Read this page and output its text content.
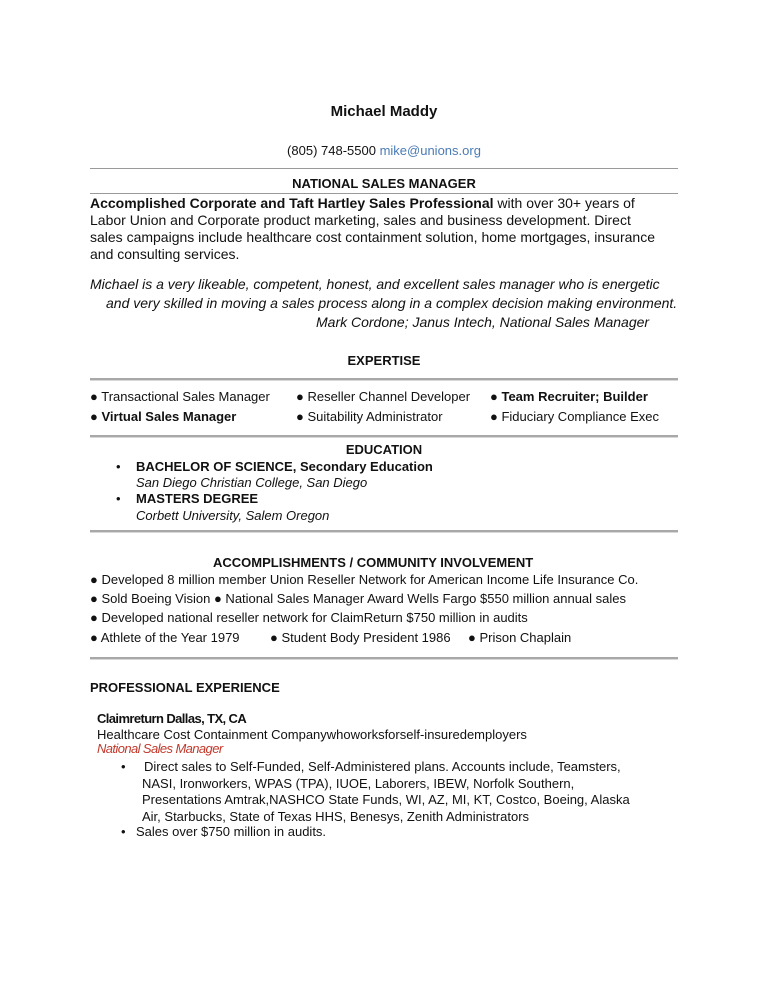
Michael Maddy
(805) 748-5500 mike@unions.org
NATIONAL SALES MANAGER
Accomplished Corporate and Taft Hartley Sales Professional with over 30+ years of
Labor Union and Corporate product marketing, sales and business development. Direct
sales campaigns include healthcare cost containment solution, home mortgages, insurance
and consulting services.
Michael is a very likeable, competent, honest, and excellent sales manager who is energetic
and very skilled in moving a sales process along in a complex decision making environment.
Mark Cordone; Janus Intech, National Sales Manager
EXPERTISE
● Transactional Sales Manager ● Reseller Channel Developer ● Team Recruiter; Builder
● Virtual Sales Manager	● Suitability Administrator	● Fiduciary Compliance Exec
EDUCATION
• BACHELOR OF SCIENCE, Secondary Education
San Diego Christian College, San Diego
• MASTERS DEGREE
Corbett University, Salem Oregon
ACCOMPLISHMENTS / COMMUNITY INVOLVEMENT
● Developed 8 million member Union Reseller Network for American Income Life Insurance Co.
● Sold Boeing Vision ● National Sales Manager Award Wells Fargo $550 million annual sales
● Developed national reseller network for ClaimReturn $750 million in audits
● Athlete of the Year 1979 ● Student Body President 1986 ● Prison Chaplain
PROFESSIONAL EXPERIENCE
Claimreturn Dallas, TX, CA
Healthcare Cost Containment Companywhoworksforself-insuredemployers
National Sales Manager
• Direct sales to Self-Funded, Self-Administered plans. Accounts include, Teamsters,
NASI, Ironworkers, WPAS (TPA), IUOE, Laborers, IBEW, Norfolk Southern,
Presentations Amtrak,NASHCO State Funds, WI, AZ, MI, KT, Costco, Boeing, Alaska
Air, Starbucks, State of Texas HHS, Benesys, Zenith Administrators
• Sales over $750 million in audits.
